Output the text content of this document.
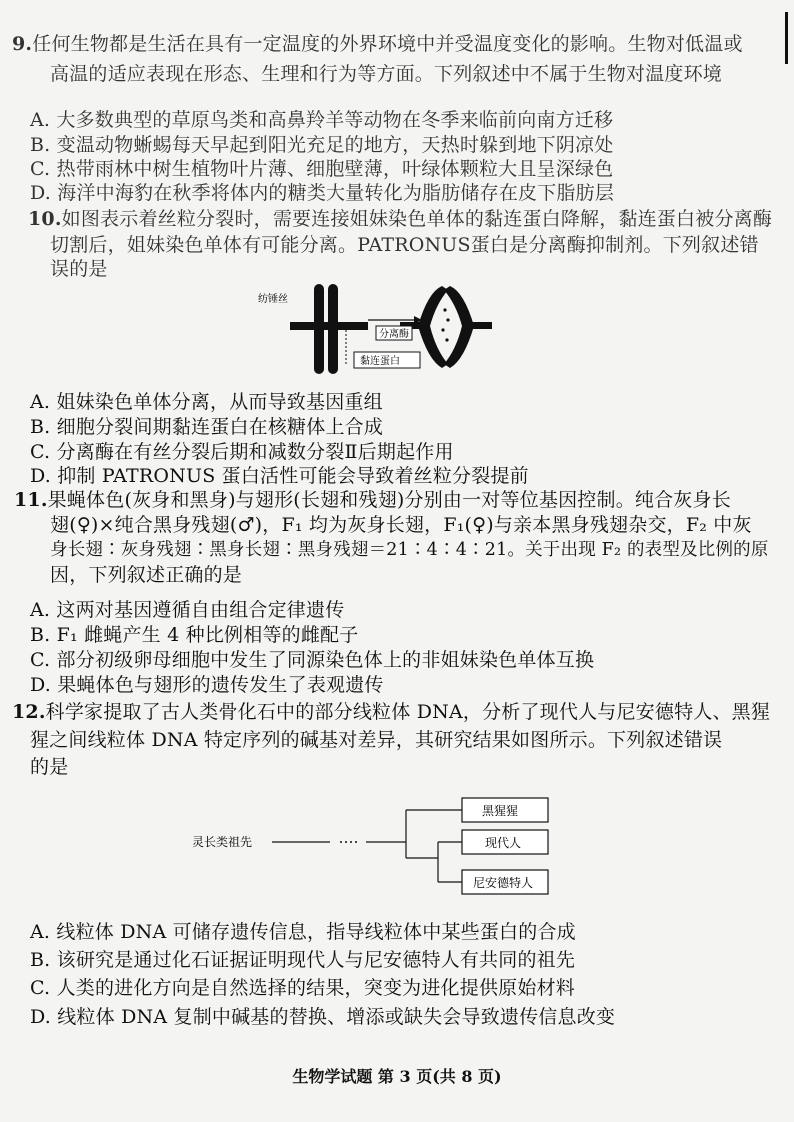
9.任何生物都是生活在具有一定温度的外界环境中并受温度变化的影响。生物对低温或
高温的适应表现在形态、生理和行为等方面。下列叙述中不属于生物对温度环境
A. 大多数典型的草原鸟类和高鼻羚羊等动物在冬季来临前向南方迁移
B. 变温动物蜥蜴每天早起到阳光充足的地方，天热时躲到地下阴凉处
C. 热带雨林中树生植物叶片薄、细胞壁薄，叶绿体颗粒大且呈深绿色
D. 海洋中海豹在秋季将体内的糖类大量转化为脂肪储存在皮下脂肪层
10.如图表示着丝粒分裂时，需要连接姐妹染色单体的黏连蛋白降解，黏连蛋白被分离酶
切割后，姐妹染色单体有可能分离。PATRONUS蛋白是分离酶抑制剂。下列叙述错
误的是
纺锤丝
分离酶
黏连蛋白
A. 姐妹染色单体分离，从而导致基因重组
B. 细胞分裂间期黏连蛋白在核糖体上合成
C. 分离酶在有丝分裂后期和减数分裂Ⅱ后期起作用
D. 抑制 PATRONUS 蛋白活性可能会导致着丝粒分裂提前
11.果蝇体色(灰身和黑身)与翅形(长翅和残翅)分别由一对等位基因控制。纯合灰身长
翅(♀)×纯合黑身残翅(♂)，F₁ 均为灰身长翅，F₁(♀)与亲本黑身残翅杂交，F₂ 中灰
身长翅∶灰身残翅∶黑身长翅∶黑身残翅＝21∶4∶4∶21。关于出现 F₂ 的表型及比例的原
因，下列叙述正确的是
A. 这两对基因遵循自由组合定律遗传
B. F₁ 雌蝇产生 4 种比例相等的雌配子
C. 部分初级卵母细胞中发生了同源染色体上的非姐妹染色单体互换
D. 果蝇体色与翅形的遗传发生了表观遗传
12.科学家提取了古人类骨化石中的部分线粒体 DNA，分析了现代人与尼安德特人、黑猩
猩之间线粒体 DNA 特定序列的碱基对差异，其研究结果如图所示。下列叙述错误
的是
灵长类祖先
黑猩猩
现代人
尼安德特人
A. 线粒体 DNA 可储存遗传信息，指导线粒体中某些蛋白的合成
B. 该研究是通过化石证据证明现代人与尼安德特人有共同的祖先
C. 人类的进化方向是自然选择的结果，突变为进化提供原始材料
D. 线粒体 DNA 复制中碱基的替换、增添或缺失会导致遗传信息改变
生物学试题 第 3 页(共 8 页)
